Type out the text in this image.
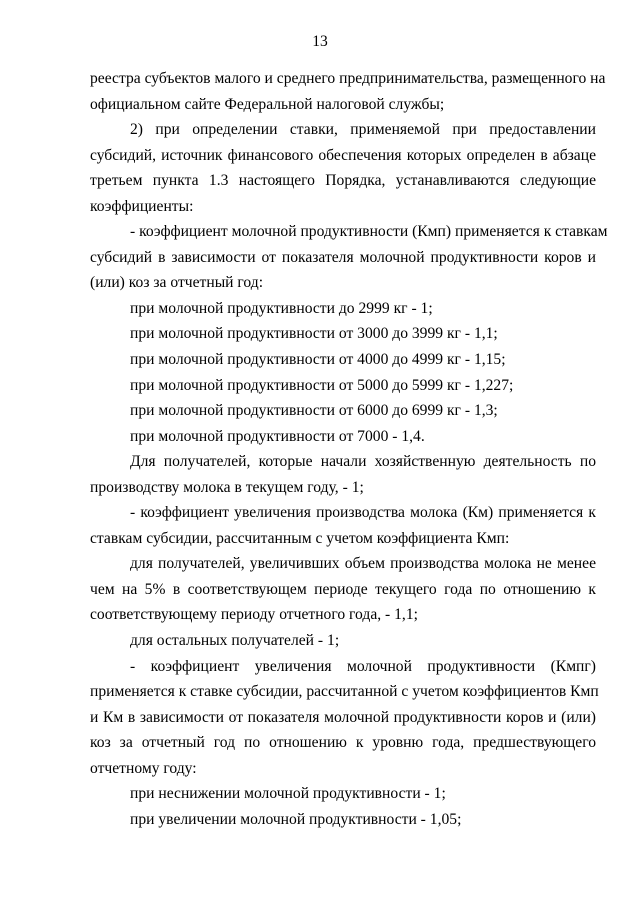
13
реестра субъектов малого и среднего предпринимательства, размещенного на
официальном сайте Федеральной налоговой службы;
2) при определении ставки, применяемой при предоставлении
субсидий, источник финансового обеспечения которых определен в абзаце
третьем пункта 1.3 настоящего Порядка, устанавливаются следующие
коэффициенты:
- коэффициент молочной продуктивности (Кмп) применяется к ставкам
субсидий в зависимости от показателя молочной продуктивности коров и
(или) коз за отчетный год:
при молочной продуктивности до 2999 кг - 1;
при молочной продуктивности от 3000 до 3999 кг - 1,1;
при молочной продуктивности от 4000 до 4999 кг - 1,15;
при молочной продуктивности от 5000 до 5999 кг - 1,227;
при молочной продуктивности от 6000 до 6999 кг - 1,3;
при молочной продуктивности от 7000 - 1,4.
Для получателей, которые начали хозяйственную деятельность по
производству молока в текущем году, - 1;
- коэффициент увеличения производства молока (Км) применяется к
ставкам субсидии, рассчитанным с учетом коэффициента Кмп:
для получателей, увеличивших объем производства молока не менее
чем на 5% в соответствующем периоде текущего года по отношению к
соответствующему периоду отчетного года, - 1,1;
для остальных получателей - 1;
- коэффициент увеличения молочной продуктивности (Кмпг)
применяется к ставке субсидии, рассчитанной с учетом коэффициентов Кмп
и Км в зависимости от показателя молочной продуктивности коров и (или)
коз за отчетный год по отношению к уровню года, предшествующего
отчетному году:
при неснижении молочной продуктивности - 1;
при увеличении молочной продуктивности - 1,05;
